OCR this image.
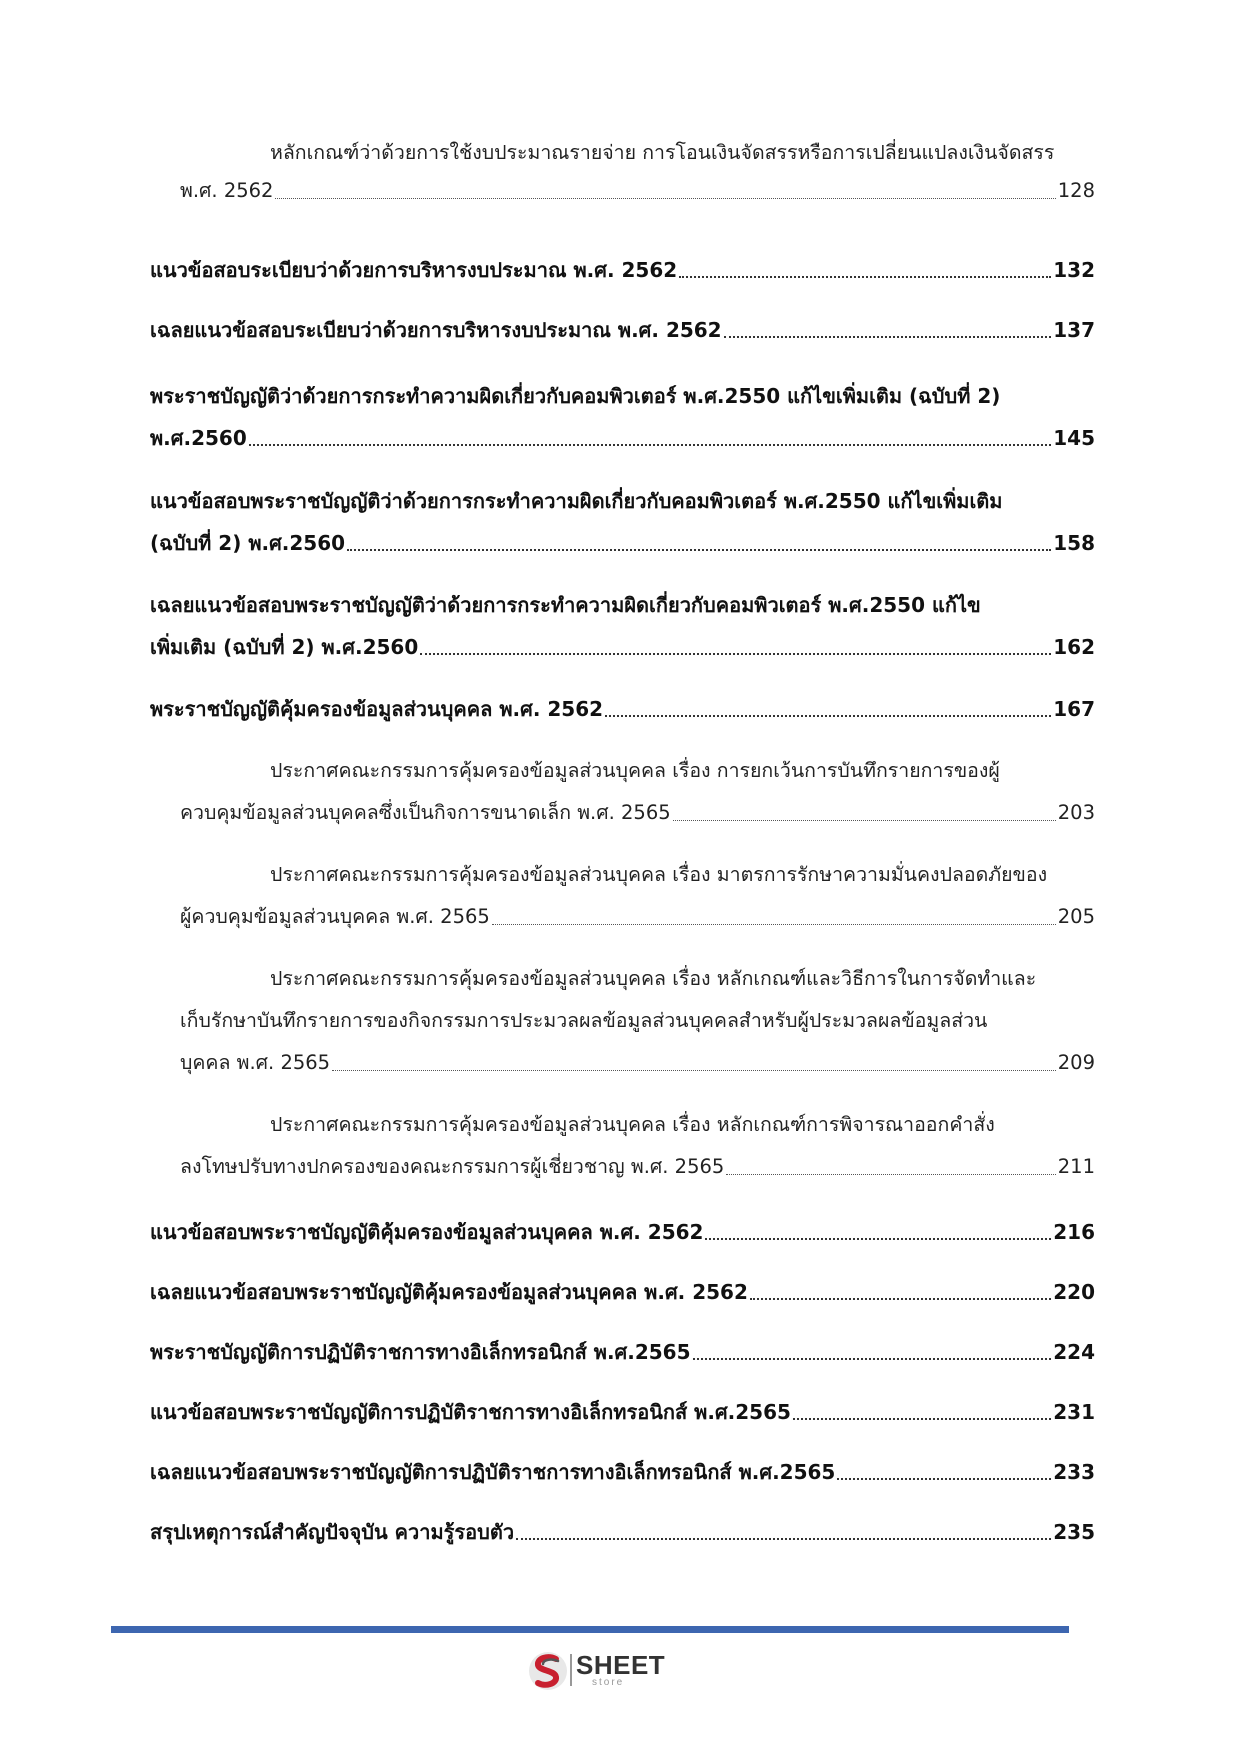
หลักเกณฑ์ว่าด้วยการใช้งบประมาณรายจ่าย การโอนเงินจัดสรรหรือการเปลี่ยนแปลงเงินจัดสรร
พ.ศ. 2562	128
แนวข้อสอบระเบียบว่าด้วยการบริหารงบประมาณ พ.ศ. 2562	132
เฉลยแนวข้อสอบระเบียบว่าด้วยการบริหารงบประมาณ พ.ศ. 2562	137
พระราชบัญญัติว่าด้วยการกระทำความผิดเกี่ยวกับคอมพิวเตอร์ พ.ศ.2550 แก้ไขเพิ่มเติม (ฉบับที่ 2)
พ.ศ.2560	145
แนวข้อสอบพระราชบัญญัติว่าด้วยการกระทำความผิดเกี่ยวกับคอมพิวเตอร์ พ.ศ.2550 แก้ไขเพิ่มเติม
(ฉบับที่ 2) พ.ศ.2560	158
เฉลยแนวข้อสอบพระราชบัญญัติว่าด้วยการกระทำความผิดเกี่ยวกับคอมพิวเตอร์ พ.ศ.2550 แก้ไข
เพิ่มเติม (ฉบับที่ 2) พ.ศ.2560	162
พระราชบัญญัติคุ้มครองข้อมูลส่วนบุคคล พ.ศ. 2562	167
ประกาศคณะกรรมการคุ้มครองข้อมูลส่วนบุคคล เรื่อง การยกเว้นการบันทึกรายการของผู้
ควบคุมข้อมูลส่วนบุคคลซึ่งเป็นกิจการขนาดเล็ก พ.ศ. 2565	203
ประกาศคณะกรรมการคุ้มครองข้อมูลส่วนบุคคล เรื่อง มาตรการรักษาความมั่นคงปลอดภัยของ
ผู้ควบคุมข้อมูลส่วนบุคคล พ.ศ. 2565	205
ประกาศคณะกรรมการคุ้มครองข้อมูลส่วนบุคคล เรื่อง หลักเกณฑ์และวิธีการในการจัดทำและ
เก็บรักษาบันทึกรายการของกิจกรรมการประมวลผลข้อมูลส่วนบุคคลสำหรับผู้ประมวลผลข้อมูลส่วน
บุคคล พ.ศ. 2565	209
ประกาศคณะกรรมการคุ้มครองข้อมูลส่วนบุคคล เรื่อง หลักเกณฑ์การพิจารณาออกคำสั่ง
ลงโทษปรับทางปกครองของคณะกรรมการผู้เชี่ยวชาญ พ.ศ. 2565	211
แนวข้อสอบพระราชบัญญัติคุ้มครองข้อมูลส่วนบุคคล พ.ศ. 2562	216
เฉลยแนวข้อสอบพระราชบัญญัติคุ้มครองข้อมูลส่วนบุคคล พ.ศ. 2562	220
พระราชบัญญัติการปฏิบัติราชการทางอิเล็กทรอนิกส์ พ.ศ.2565	224
แนวข้อสอบพระราชบัญญัติการปฏิบัติราชการทางอิเล็กทรอนิกส์ พ.ศ.2565	231
เฉลยแนวข้อสอบพระราชบัญญัติการปฏิบัติราชการทางอิเล็กทรอนิกส์ พ.ศ.2565	233
สรุปเหตุการณ์สำคัญปัจจุบัน ความรู้รอบตัว	235
SHEET
store
